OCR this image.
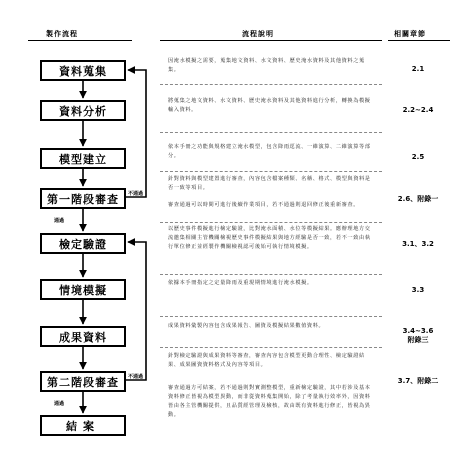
製作流程	流程說明	相關章節
不通過
不通過
通過
通過
資料蒐集
資料分析
模型建立
第一階段審查
檢定驗證
情境模擬
成果資料
第二階段審查
結案
因淹水模擬之需要，蒐集地文資料、水文資料、歷史淹水資料及其他資料之蒐集。
將蒐集之地文資料、水文資料、歷史淹水資料及其他資料進行分析，轉換為模擬輸入資料。
依本手冊之功能與規格建立淹水模型，包含降雨逕流、一維演算、二維演算等部分。
針對資料與模型建置進行審查，內容包含檔案種類、名稱、格式、模型與資料是否一致等項目。
審查通過可以時間可進行後續作業項目，若不通過則退回修正後重新審查。
以歷史事件模擬進行檢定驗證，比對淹水面積、水位等模擬結果。應辦理地方交流邀集相關主管機關檢視歷史事件模擬結果與地方經驗是否一致，若不一致由執行單位修正並經製作機關檢視認可後始可執行情境模擬。
依據本手冊指定之定量降雨及重現期情境進行淹水模擬。
成果資料彙製內容包含成果報告、圖資及模擬結果數值資料。
針對檢定驗證與成果資料等審查，審查內容包含模型更動合理性、檢定驗證結果、成果圖資資料格式及內容等項目。
審查通過方可結案，若不通過則對實測整模型，重新檢定驗證，其中若涉及基本資料修正皆視為模型異動，而非從資料蒐集開始，除了考量執行效率外，因資料皆由各主管機關提供，且品質經管理及檢核，故由既有資料進行修正，皆視為異動。
2.1
2.2~2.4
2.5
2.6、附錄一
3.1、3.2
3.3
3.4~3.6
附錄三
3.7、附錄二
